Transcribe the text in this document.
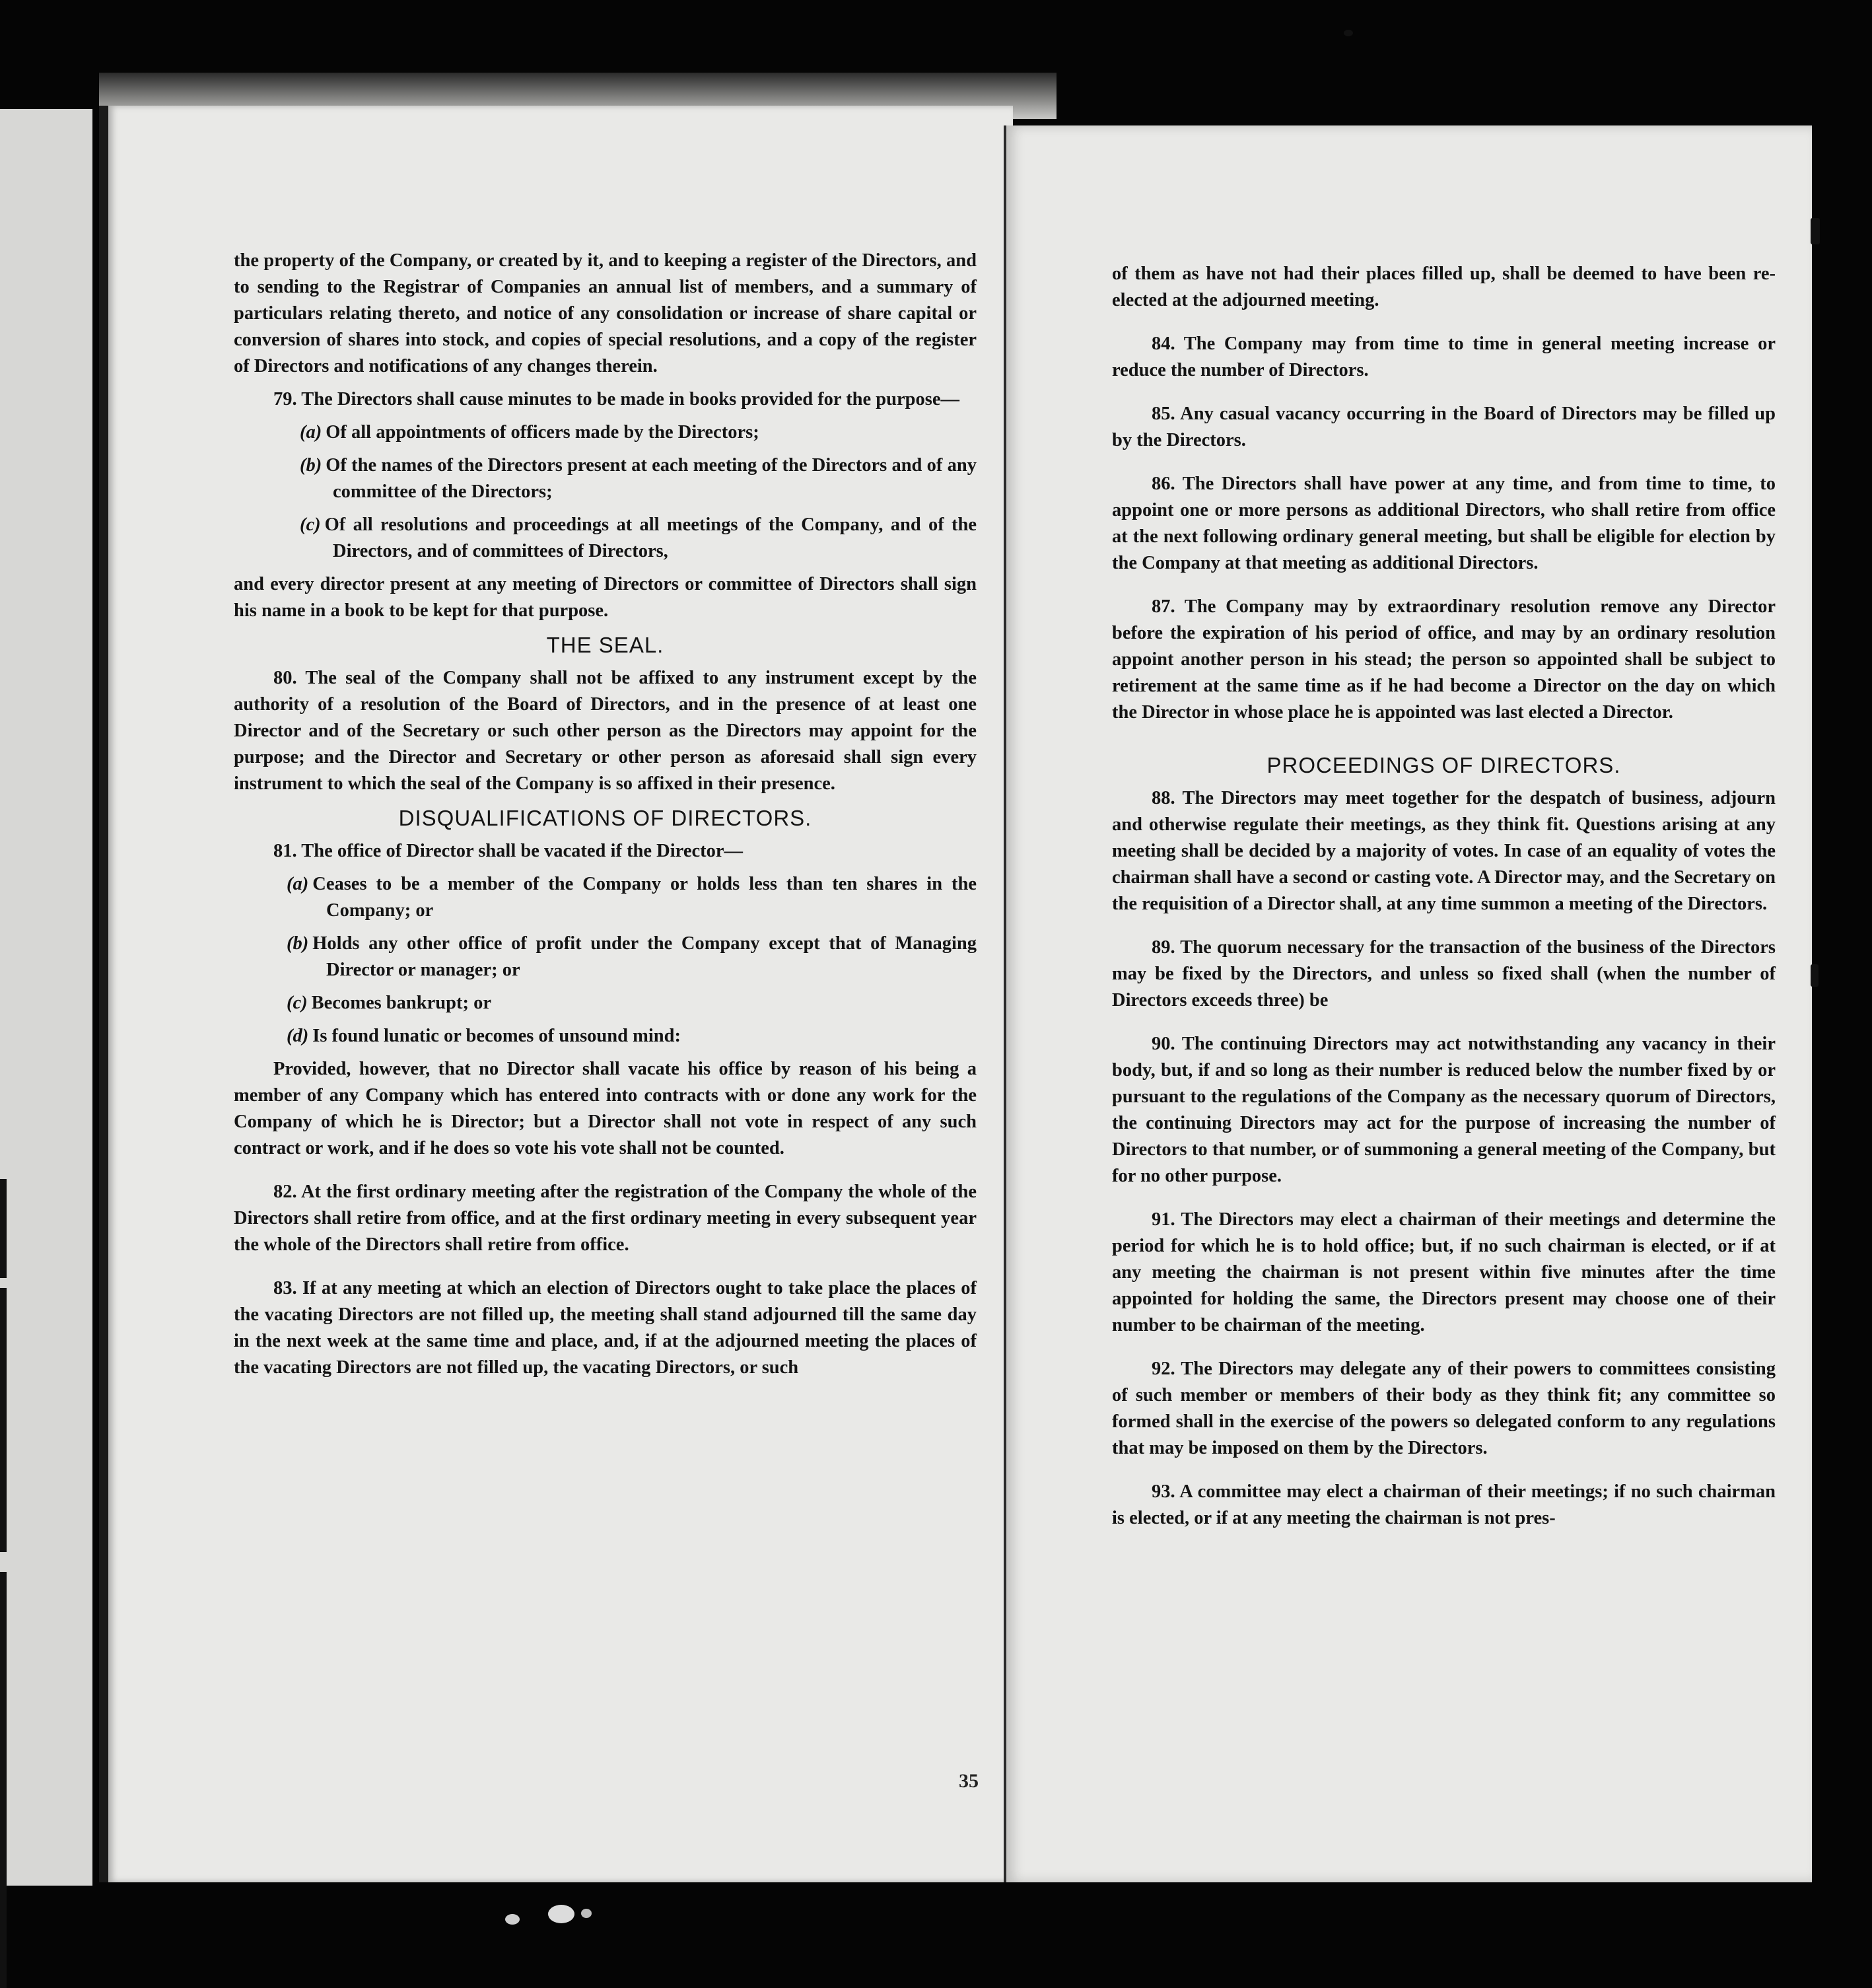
the property of the Company, or created by it, and to keeping a register of the Directors, and to sending to the Registrar of Companies an annual list of members, and a summary of particulars relating thereto, and notice of any consolidation or increase of share capital or conversion of shares into stock, and copies of special resolutions, and a copy of the register of Directors and notifications of any changes therein.

79. The Directors shall cause minutes to be made in books provided for the purpose—

(a) Of all appointments of officers made by the Directors;

(b) Of the names of the Directors present at each meeting of the Directors and of any committee of the Directors;

(c) Of all resolutions and proceedings at all meetings of the Company, and of the Directors, and of committees of Directors,

and every director present at any meeting of Directors or committee of Directors shall sign his name in a book to be kept for that purpose.

THE SEAL.

80. The seal of the Company shall not be affixed to any instrument except by the authority of a resolution of the Board of Directors, and in the presence of at least one Director and of the Secretary or such other person as the Directors may appoint for the purpose; and the Director and Secretary or other person as aforesaid shall sign every instrument to which the seal of the Company is so affixed in their presence.

DISQUALIFICATIONS OF DIRECTORS.

81. The office of Director shall be vacated if the Director—

(a) Ceases to be a member of the Company or holds less than ten shares in the Company; or

(b) Holds any other office of profit under the Company except that of Managing Director or manager; or

(c) Becomes bankrupt; or

(d) Is found lunatic or becomes of unsound mind:

Provided, however, that no Director shall vacate his office by reason of his being a member of any Company which has entered into contracts with or done any work for the Company of which he is Director; but a Director shall not vote in respect of any such contract or work, and if he does so vote his vote shall not be counted.

82. At the first ordinary meeting after the registration of the Company the whole of the Directors shall retire from office, and at the first ordinary meeting in every subsequent year the whole of the Directors shall retire from office.

83. If at any meeting at which an election of Directors ought to take place the places of the vacating Directors are not filled up, the meeting shall stand adjourned till the same day in the next week at the same time and place, and, if at the adjourned meeting the places of the vacating Directors are not filled up, the vacating Directors, or such

of them as have not had their places filled up, shall be deemed to have been re-elected at the adjourned meeting.

84. The Company may from time to time in general meeting increase or reduce the number of Directors.

85. Any casual vacancy occurring in the Board of Directors may be filled up by the Directors.

86. The Directors shall have power at any time, and from time to time, to appoint one or more persons as additional Directors, who shall retire from office at the next following ordinary general meeting, but shall be eligible for election by the Company at that meeting as additional Directors.

87. The Company may by extraordinary resolution remove any Director before the expiration of his period of office, and may by an ordinary resolution appoint another person in his stead; the person so appointed shall be subject to retirement at the same time as if he had become a Director on the day on which the Director in whose place he is appointed was last elected a Director.

PROCEEDINGS OF DIRECTORS.

88. The Directors may meet together for the despatch of business, adjourn and otherwise regulate their meetings, as they think fit. Questions arising at any meeting shall be decided by a majority of votes. In case of an equality of votes the chairman shall have a second or casting vote. A Director may, and the Secretary on the requisition of a Director shall, at any time summon a meeting of the Directors.

89. The quorum necessary for the transaction of the business of the Directors may be fixed by the Directors, and unless so fixed shall (when the number of Directors exceeds three) be

90. The continuing Directors may act notwithstanding any vacancy in their body, but, if and so long as their number is reduced below the number fixed by or pursuant to the regulations of the Company as the necessary quorum of Directors, the continuing Directors may act for the purpose of increasing the number of Directors to that number, or of summoning a general meeting of the Company, but for no other purpose.

91. The Directors may elect a chairman of their meetings and determine the period for which he is to hold office; but, if no such chairman is elected, or if at any meeting the chairman is not present within five minutes after the time appointed for holding the same, the Directors present may choose one of their number to be chairman of the meeting.

92. The Directors may delegate any of their powers to committees consisting of such member or members of their body as they think fit; any committee so formed shall in the exercise of the powers so delegated conform to any regulations that may be imposed on them by the Directors.

93. A committee may elect a chairman of their meetings; if no such chairman is elected, or if at any meeting the chairman is not pres-

35
